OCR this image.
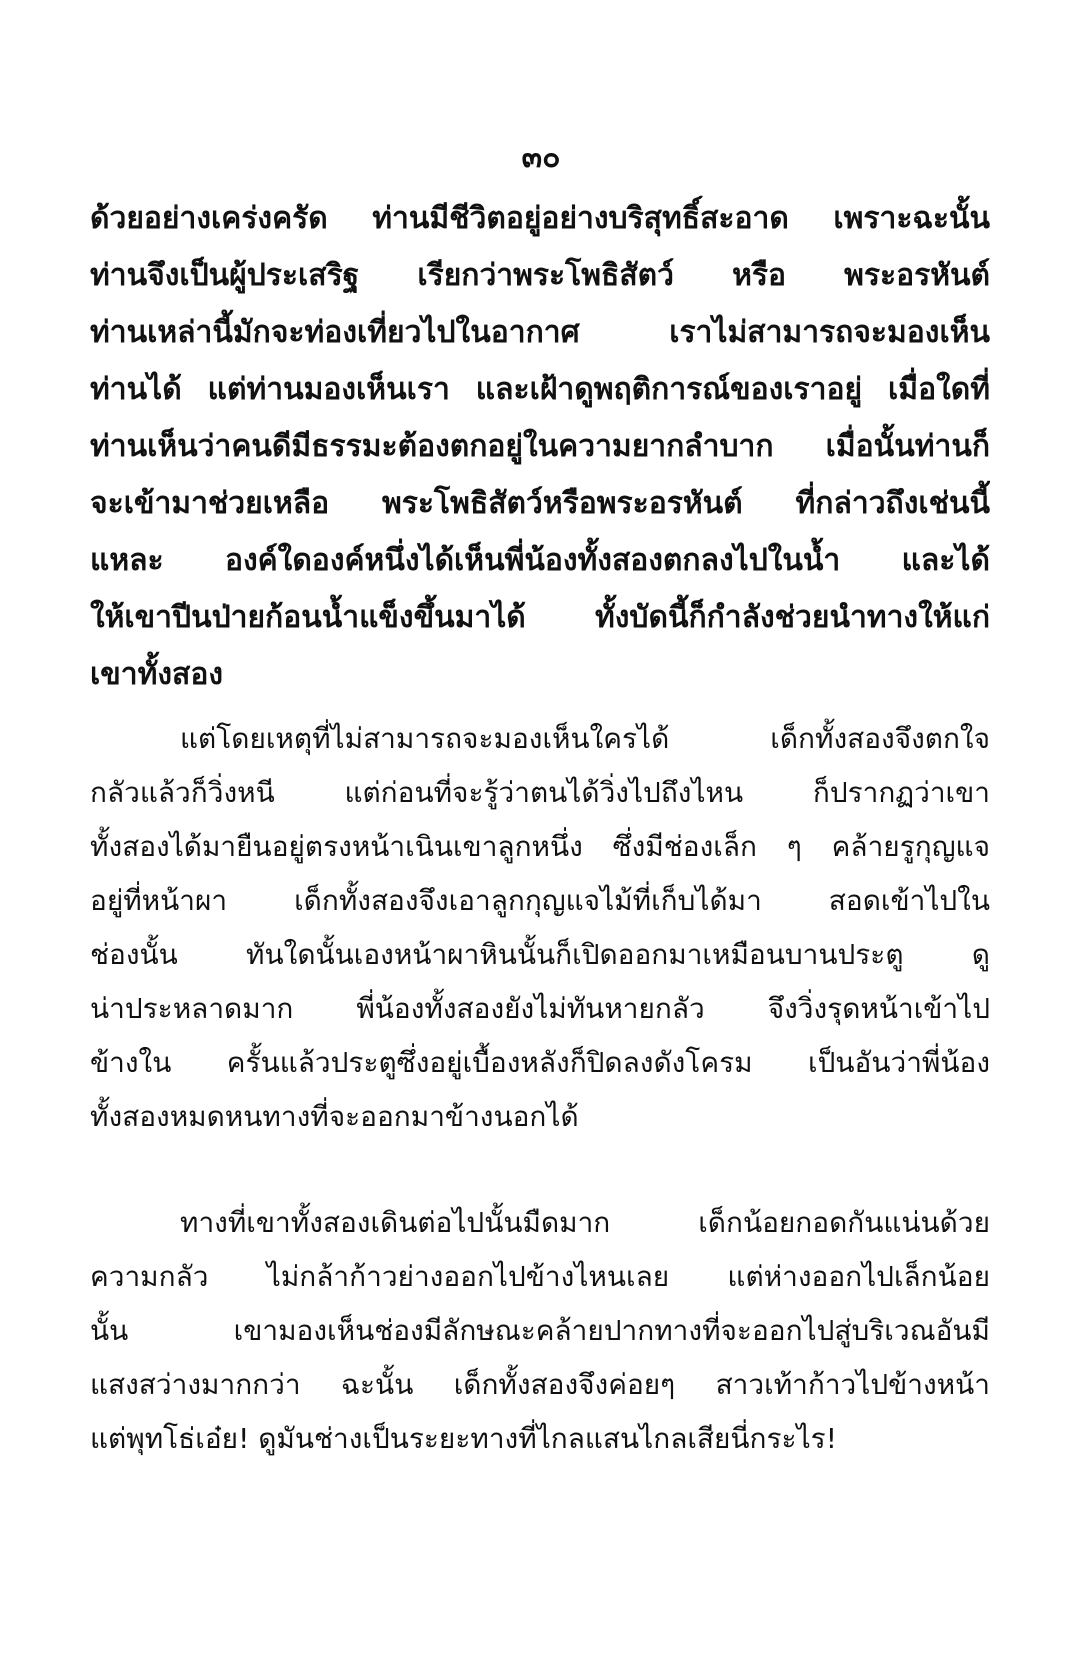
๓๐
ด้วยอย่างเคร่งครัด ท่านมีชีวิตอยู่อย่างบริสุทธิ์สะอาด เพราะฉะนั้น
ท่านจึงเป็นผู้ประเสริฐ เรียกว่าพระโพธิสัตว์ หรือ พระอรหันต์
ท่านเหล่านี้มักจะท่องเที่ยวไปในอากาศ เราไม่สามารถจะมองเห็น
ท่านได้ แต่ท่านมองเห็นเรา และเฝ้าดูพฤติการณ์ของเราอยู่ เมื่อใดที่
ท่านเห็นว่าคนดีมีธรรมะต้องตกอยู่ในความยากลำบาก เมื่อนั้นท่านก็
จะเข้ามาช่วยเหลือ พระโพธิสัตว์หรือพระอรหันต์ ที่กล่าวถึงเช่นนี้
แหละ องค์ใดองค์หนึ่งได้เห็นพี่น้องทั้งสองตกลงไปในน้ำ และได้
ให้เขาปีนป่ายก้อนน้ำแข็งขึ้นมาได้ ทั้งบัดนี้ก็กำลังช่วยนำทางให้แก่
เขาทั้งสอง
แต่โดยเหตุที่ไม่สามารถจะมองเห็นใครได้ เด็กทั้งสองจึงตกใจ
กลัวแล้วก็วิ่งหนี แต่ก่อนที่จะรู้ว่าตนได้วิ่งไปถึงไหน ก็ปรากฏว่าเขา
ทั้งสองได้มายืนอยู่ตรงหน้าเนินเขาลูกหนึ่ง ซึ่งมีช่องเล็ก ๆ คล้ายรูกุญแจ
อยู่ที่หน้าผา เด็กทั้งสองจึงเอาลูกกุญแจไม้ที่เก็บได้มา สอดเข้าไปใน
ช่องนั้น ทันใดนั้นเองหน้าผาหินนั้นก็เปิดออกมาเหมือนบานประตู ดู
น่าประหลาดมาก พี่น้องทั้งสองยังไม่ทันหายกลัว จึงวิ่งรุดหน้าเข้าไป
ข้างใน ครั้นแล้วประตูซึ่งอยู่เบื้องหลังก็ปิดลงดังโครม เป็นอันว่าพี่น้อง
ทั้งสองหมดหนทางที่จะออกมาข้างนอกได้
ทางที่เขาทั้งสองเดินต่อไปนั้นมืดมาก เด็กน้อยกอดกันแน่นด้วย
ความกลัว ไม่กล้าก้าวย่างออกไปข้างไหนเลย แต่ห่างออกไปเล็กน้อย
นั้น เขามองเห็นช่องมีลักษณะคล้ายปากทางที่จะออกไปสู่บริเวณอันมี
แสงสว่างมากกว่า ฉะนั้น เด็กทั้งสองจึงค่อยๆ สาวเท้าก้าวไปข้างหน้า
แต่พุทโธ่เอ๋ย! ดูมันช่างเป็นระยะทางที่ไกลแสนไกลเสียนี่กระไร!
